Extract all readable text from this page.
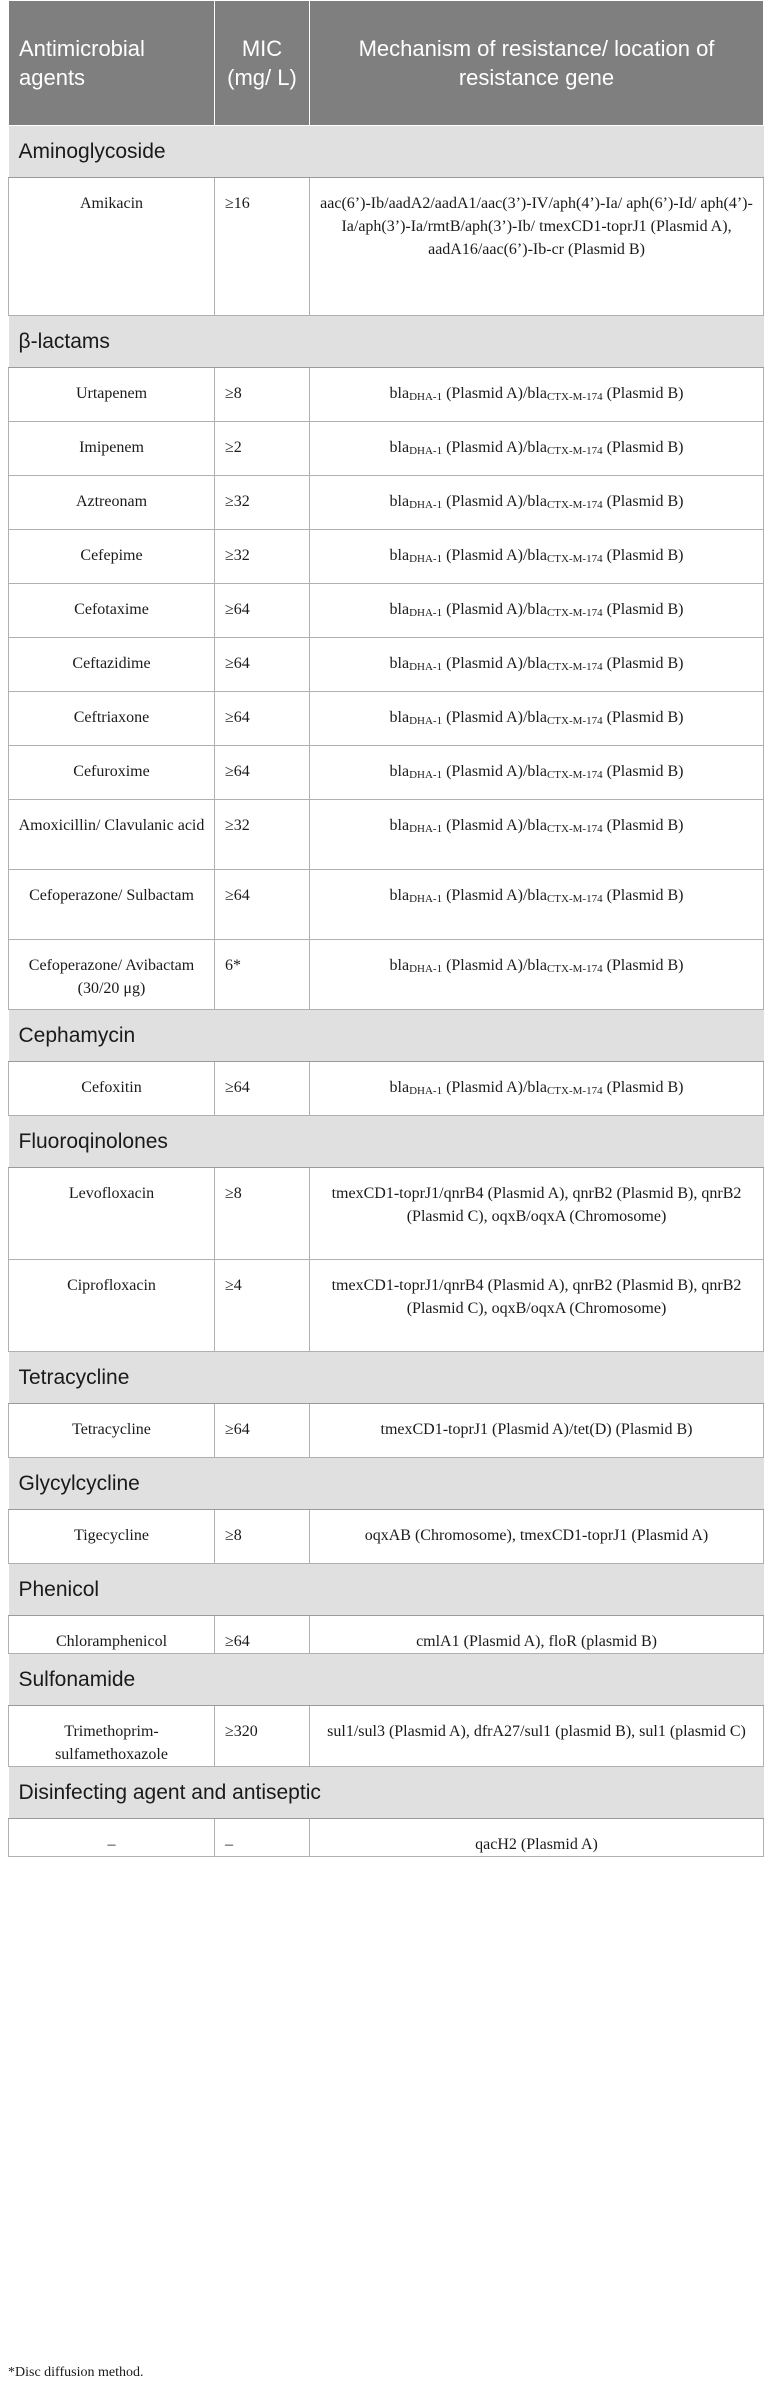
Antimicrobial agents	MIC (mg/ L)	Mechanism of resistance/ location of resistance gene
Aminoglycoside		
Amikacin	≥16	aac(6’)-Ib/aadA2/aadA1/aac(3’)-IV/aph(4’)-Ia/ aph(6’)-Id/ aph(4’)-Ia/aph(3’)-Ia/rmtB/aph(3’)-Ib/ tmexCD1-toprJ1 (Plasmid A), aadA16/aac(6’)-Ib-cr (Plasmid B)
β-lactams		
Urtapenem	≥8	bla$_{DHA-1}$ (Plasmid A)/bla$_{CTX-M-174}$ (Plasmid B)
Imipenem	≥2	bla$_{DHA-1}$ (Plasmid A)/bla$_{CTX-M-174}$ (Plasmid B)
Aztreonam	≥32	bla$_{DHA-1}$ (Plasmid A)/bla$_{CTX-M-174}$ (Plasmid B)
Cefepime	≥32	bla$_{DHA-1}$ (Plasmid A)/bla$_{CTX-M-174}$ (Plasmid B)
Cefotaxime	≥64	bla$_{DHA-1}$ (Plasmid A)/bla$_{CTX-M-174}$ (Plasmid B)
Ceftazidime	≥64	bla$_{DHA-1}$ (Plasmid A)/bla$_{CTX-M-174}$ (Plasmid B)
Ceftriaxone	≥64	bla$_{DHA-1}$ (Plasmid A)/bla$_{CTX-M-174}$ (Plasmid B)
Cefuroxime	≥64	bla$_{DHA-1}$ (Plasmid A)/bla$_{CTX-M-174}$ (Plasmid B)
Amoxicillin/ Clavulanic acid	≥32	bla$_{DHA-1}$ (Plasmid A)/bla$_{CTX-M-174}$ (Plasmid B)
Cefoperazone/ Sulbactam	≥64	bla$_{DHA-1}$ (Plasmid A)/bla$_{CTX-M-174}$ (Plasmid B)
Cefoperazone/ Avibactam (30/20 μg)	6*	bla$_{DHA-1}$ (Plasmid A)/bla$_{CTX-M-174}$ (Plasmid B)
Cephamycin		
Cefoxitin	≥64	bla$_{DHA-1}$ (Plasmid A)/bla$_{CTX-M-174}$ (Plasmid B)
Fluoroqinolones		
Levofloxacin	≥8	tmexCD1-toprJ1/qnrB4 (Plasmid A), qnrB2 (Plasmid B), qnrB2 (Plasmid C), oqxB/oqxA (Chromosome)
Ciprofloxacin	≥4	tmexCD1-toprJ1/qnrB4 (Plasmid A), qnrB2 (Plasmid B), qnrB2 (Plasmid C), oqxB/oqxA (Chromosome)
Tetracycline		
Tetracycline	≥64	tmexCD1-toprJ1 (Plasmid A)/tet(D) (Plasmid B)
Glycylcycline		
Tigecycline	≥8	oqxAB (Chromosome), tmexCD1-toprJ1 (Plasmid A)
Phenicol		
Chloramphenicol	≥64	cmlA1 (Plasmid A), floR (plasmid B)
Sulfonamide		
Trimethoprim-sulfamethoxazole	≥320	sul1/sul3 (Plasmid A), dfrA27/sul1 (plasmid B), sul1 (plasmid C)
Disinfecting agent and antiseptic		
–	–	qacH2 (Plasmid A)
*Disc diffusion method.
